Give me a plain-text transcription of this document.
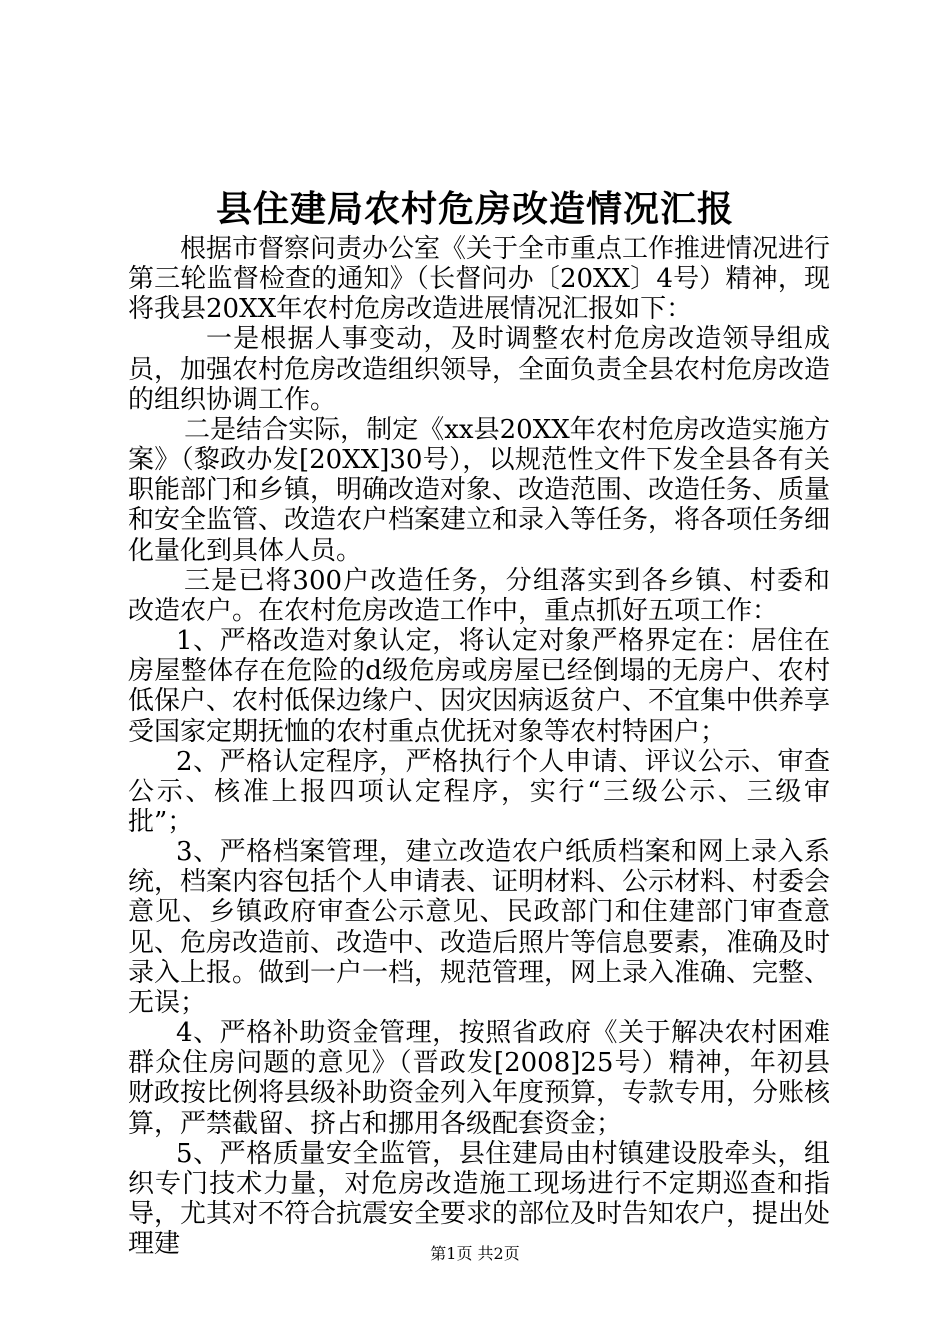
县住建局农村危房改造情况汇报

根据市督察问责办公室《关于全市重点工作推进情况进行第三轮监督检查的通知》（长督问办〔20XX〕4号）精神，现将我县20XX年农村危房改造进展情况汇报如下：

一是根据人事变动，及时调整农村危房改造领导组成员，加强农村危房改造组织领导，全面负责全县农村危房改造的组织协调工作。

二是结合实际，制定《xx县20XX年农村危房改造实施方案》（黎政办发[20XX]30号），以规范性文件下发全县各有关职能部门和乡镇，明确改造对象、改造范围、改造任务、质量和安全监管、改造农户档案建立和录入等任务，将各项任务细化量化到具体人员。

三是已将300户改造任务，分组落实到各乡镇、村委和改造农户。在农村危房改造工作中，重点抓好五项工作：

1、严格改造对象认定，将认定对象严格界定在：居住在房屋整体存在危险的d级危房或房屋已经倒塌的无房户、农村低保户、农村低保边缘户、因灾因病返贫户、不宜集中供养享受国家定期抚恤的农村重点优抚对象等农村特困户；

2、严格认定程序，严格执行个人申请、评议公示、审查公示、核准上报四项认定程序，实行“三级公示、三级审批”；

3、严格档案管理，建立改造农户纸质档案和网上录入系统，档案内容包括个人申请表、证明材料、公示材料、村委会意见、乡镇政府审查公示意见、民政部门和住建部门审查意见、危房改造前、改造中、改造后照片等信息要素，准确及时录入上报。做到一户一档，规范管理，网上录入准确、完整、无误；

4、严格补助资金管理，按照省政府《关于解决农村困难群众住房问题的意见》（晋政发[2008]25号）精神，年初县财政按比例将县级补助资金列入年度预算，专款专用，分账核算，严禁截留、挤占和挪用各级配套资金；

5、严格质量安全监管，县住建局由村镇建设股牵头，组织专门技术力量，对危房改造施工现场进行不定期巡查和指导，尤其对不符合抗震安全要求的部位及时告知农户，提出处理建	第1页 共2页
